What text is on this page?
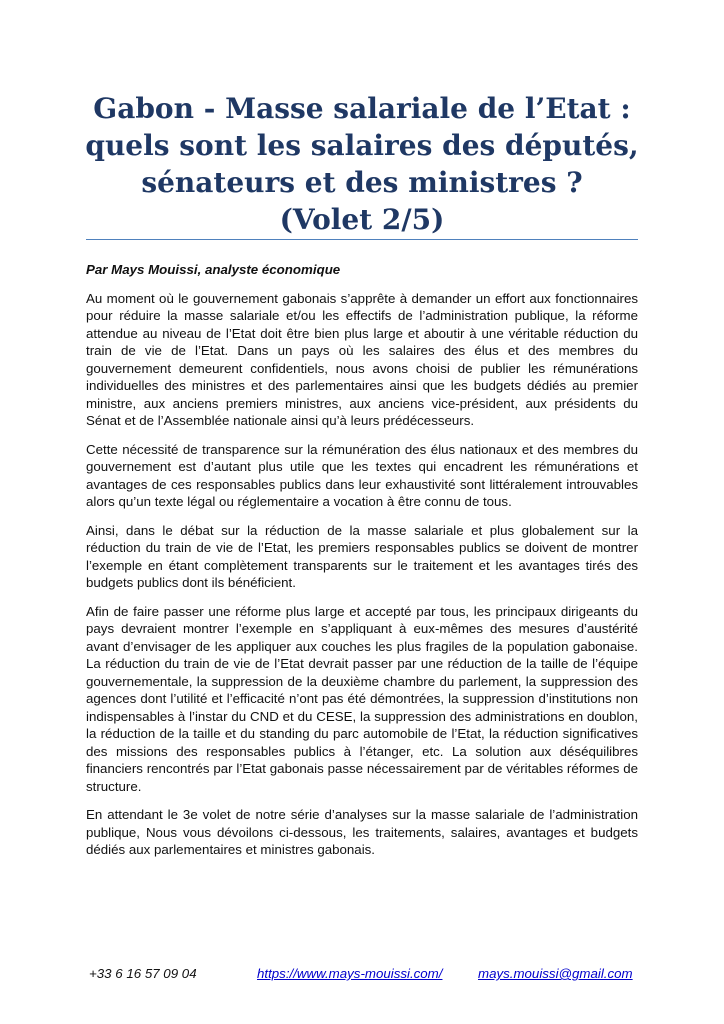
Gabon - Masse salariale de l’Etat :
quels sont les salaires des députés,
sénateurs et des ministres ?
(Volet 2/5)

Par Mays Mouissi, analyste économique

Au moment où le gouvernement gabonais s’apprête à demander un effort aux fonctionnaires pour réduire la masse salariale et/ou les effectifs de l’administration publique, la réforme attendue au niveau de l’Etat doit être bien plus large et aboutir à une véritable réduction du train de vie de l’Etat. Dans un pays où les salaires des élus et des membres du gouvernement demeurent confidentiels, nous avons choisi de publier les rémunérations individuelles des ministres et des parlementaires ainsi que les budgets dédiés au premier ministre, aux anciens premiers ministres, aux anciens vice-président, aux présidents du Sénat et de l’Assemblée nationale ainsi qu’à leurs prédécesseurs.

Cette nécessité de transparence sur la rémunération des élus nationaux et des membres du gouvernement est d’autant plus utile que les textes qui encadrent les rémunérations et avantages de ces responsables publics dans leur exhaustivité sont littéralement introuvables alors qu’un texte légal ou réglementaire a vocation à être connu de tous.

Ainsi, dans le débat sur la réduction de la masse salariale et plus globalement sur la réduction du train de vie de l’Etat, les premiers responsables publics se doivent de montrer l’exemple en étant complètement transparents sur le traitement et les avantages tirés des budgets publics dont ils bénéficient.

Afin de faire passer une réforme plus large et accepté par tous, les principaux dirigeants du pays devraient montrer l’exemple en s’appliquant à eux-mêmes des mesures d’austérité avant d’envisager de les appliquer aux couches les plus fragiles de la population gabonaise. La réduction du train de vie de l’Etat devrait passer par une réduction de la taille de l’équipe gouvernementale, la suppression de la deuxième chambre du parlement, la suppression des agences dont l’utilité et l’efficacité n’ont pas été démontrées, la suppression d’institutions non indispensables à l’instar du CND et du CESE, la suppression des administrations en doublon, la réduction de la taille et du standing du parc automobile de l’Etat, la réduction significatives des missions des responsables publics à l’étanger, etc. La solution aux déséquilibres financiers rencontrés par l’Etat gabonais passe nécessairement par de véritables réformes de structure.

En attendant le 3e volet de notre série d’analyses sur la masse salariale de l’administration publique, Nous vous dévoilons ci-dessous, les traitements, salaires, avantages et budgets dédiés aux parlementaires et ministres gabonais.

+33 6 16 57 09 04	https://www.mays-mouissi.com/	mays.mouissi@gmail.com
